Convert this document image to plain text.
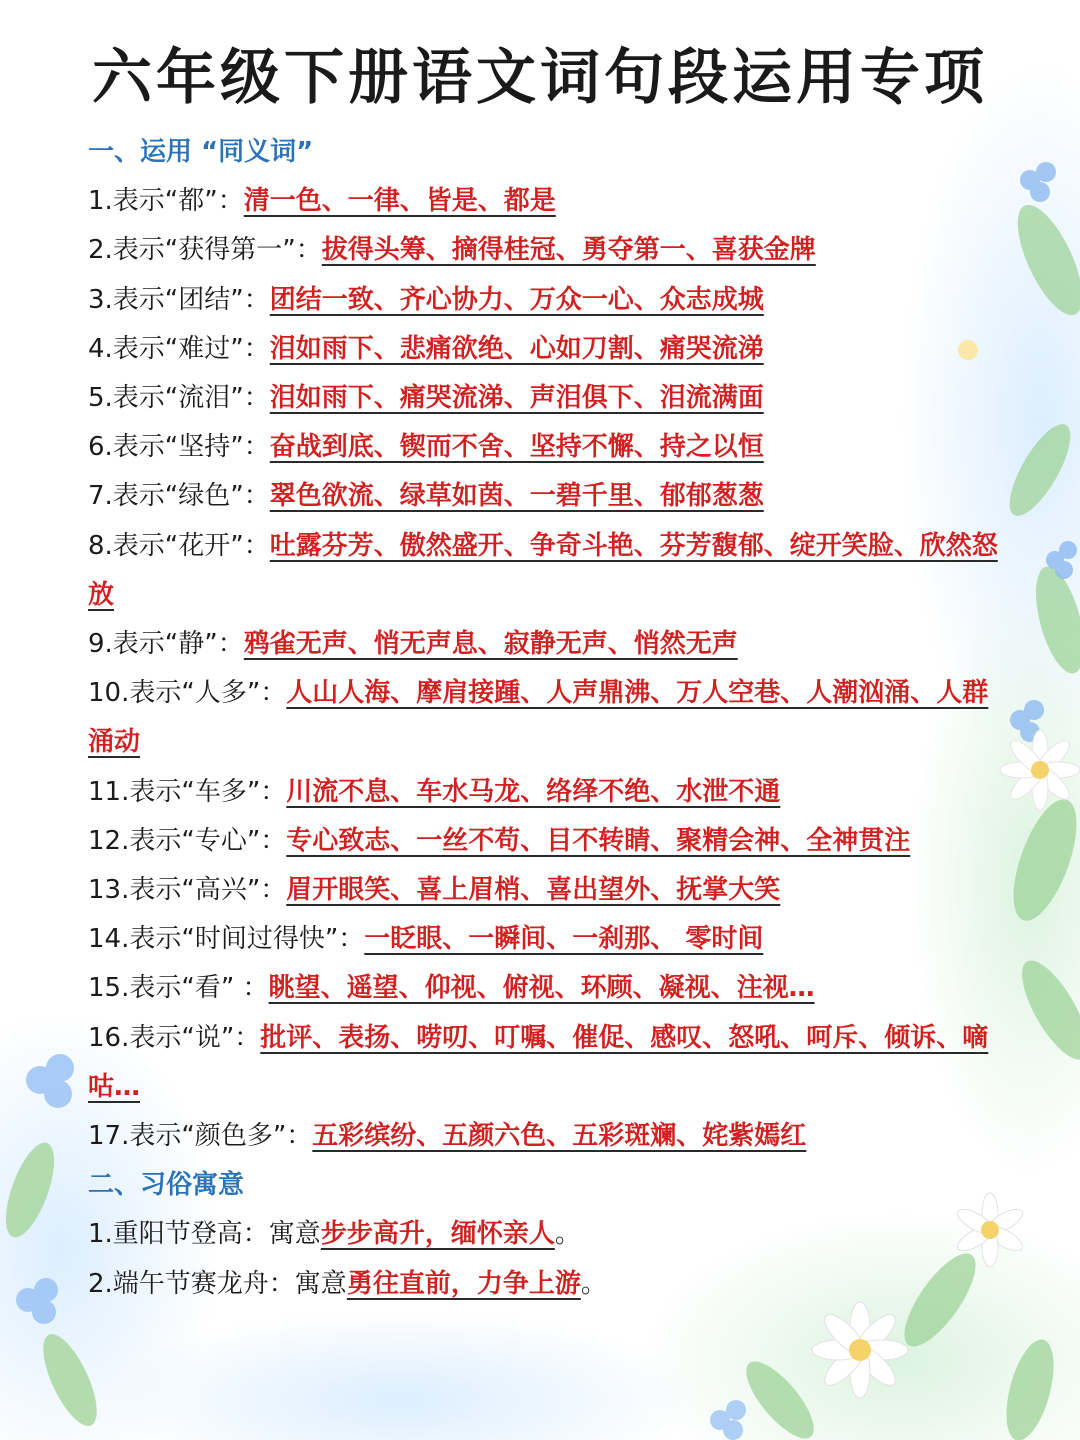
六年级下册语文词句段运用专项
一、运用 “同义词”

1.表示“都”：清一色、一律、皆是、都是

2.表示“获得第一”：拔得头筹、摘得桂冠、勇夺第一、喜获金牌

3.表示“团结”：团结一致、齐心协力、万众一心、众志成城

4.表示“难过”：泪如雨下、悲痛欲绝、心如刀割、痛哭流涕

5.表示“流泪”：泪如雨下、痛哭流涕、声泪俱下、泪流满面

6.表示“坚持”：奋战到底、锲而不舍、坚持不懈、持之以恒

7.表示“绿色”：翠色欲流、绿草如茵、一碧千里、郁郁葱葱

8.表示“花开”：吐露芬芳、傲然盛开、争奇斗艳、芬芳馥郁、绽开笑脸、欣然怒放

9.表示“静”：鸦雀无声、悄无声息、寂静无声、悄然无声

10.表示“人多”：人山人海、摩肩接踵、人声鼎沸、万人空巷、人潮汹涌、人群涌动

11.表示“车多”：川流不息、车水马龙、络绎不绝、水泄不通

12.表示“专心”：专心致志、一丝不苟、目不转睛、聚精会神、全神贯注

13.表示“高兴”：眉开眼笑、喜上眉梢、喜出望外、抚掌大笑

14.表示“时间过得快”：一眨眼、一瞬间、一刹那、 零时间

15.表示“看” ：眺望、遥望、仰视、俯视、环顾、凝视、注视…

16.表示“说”：批评、表扬、唠叨、叮嘱、催促、感叹、怒吼、呵斥、倾诉、嘀咕…

17.表示“颜色多”：五彩缤纷、五颜六色、五彩斑斓、姹紫嫣红

二、习俗寓意

1.重阳节登高：寓意步步高升，缅怀亲人。

2.端午节赛龙舟：寓意勇往直前，力争上游。
